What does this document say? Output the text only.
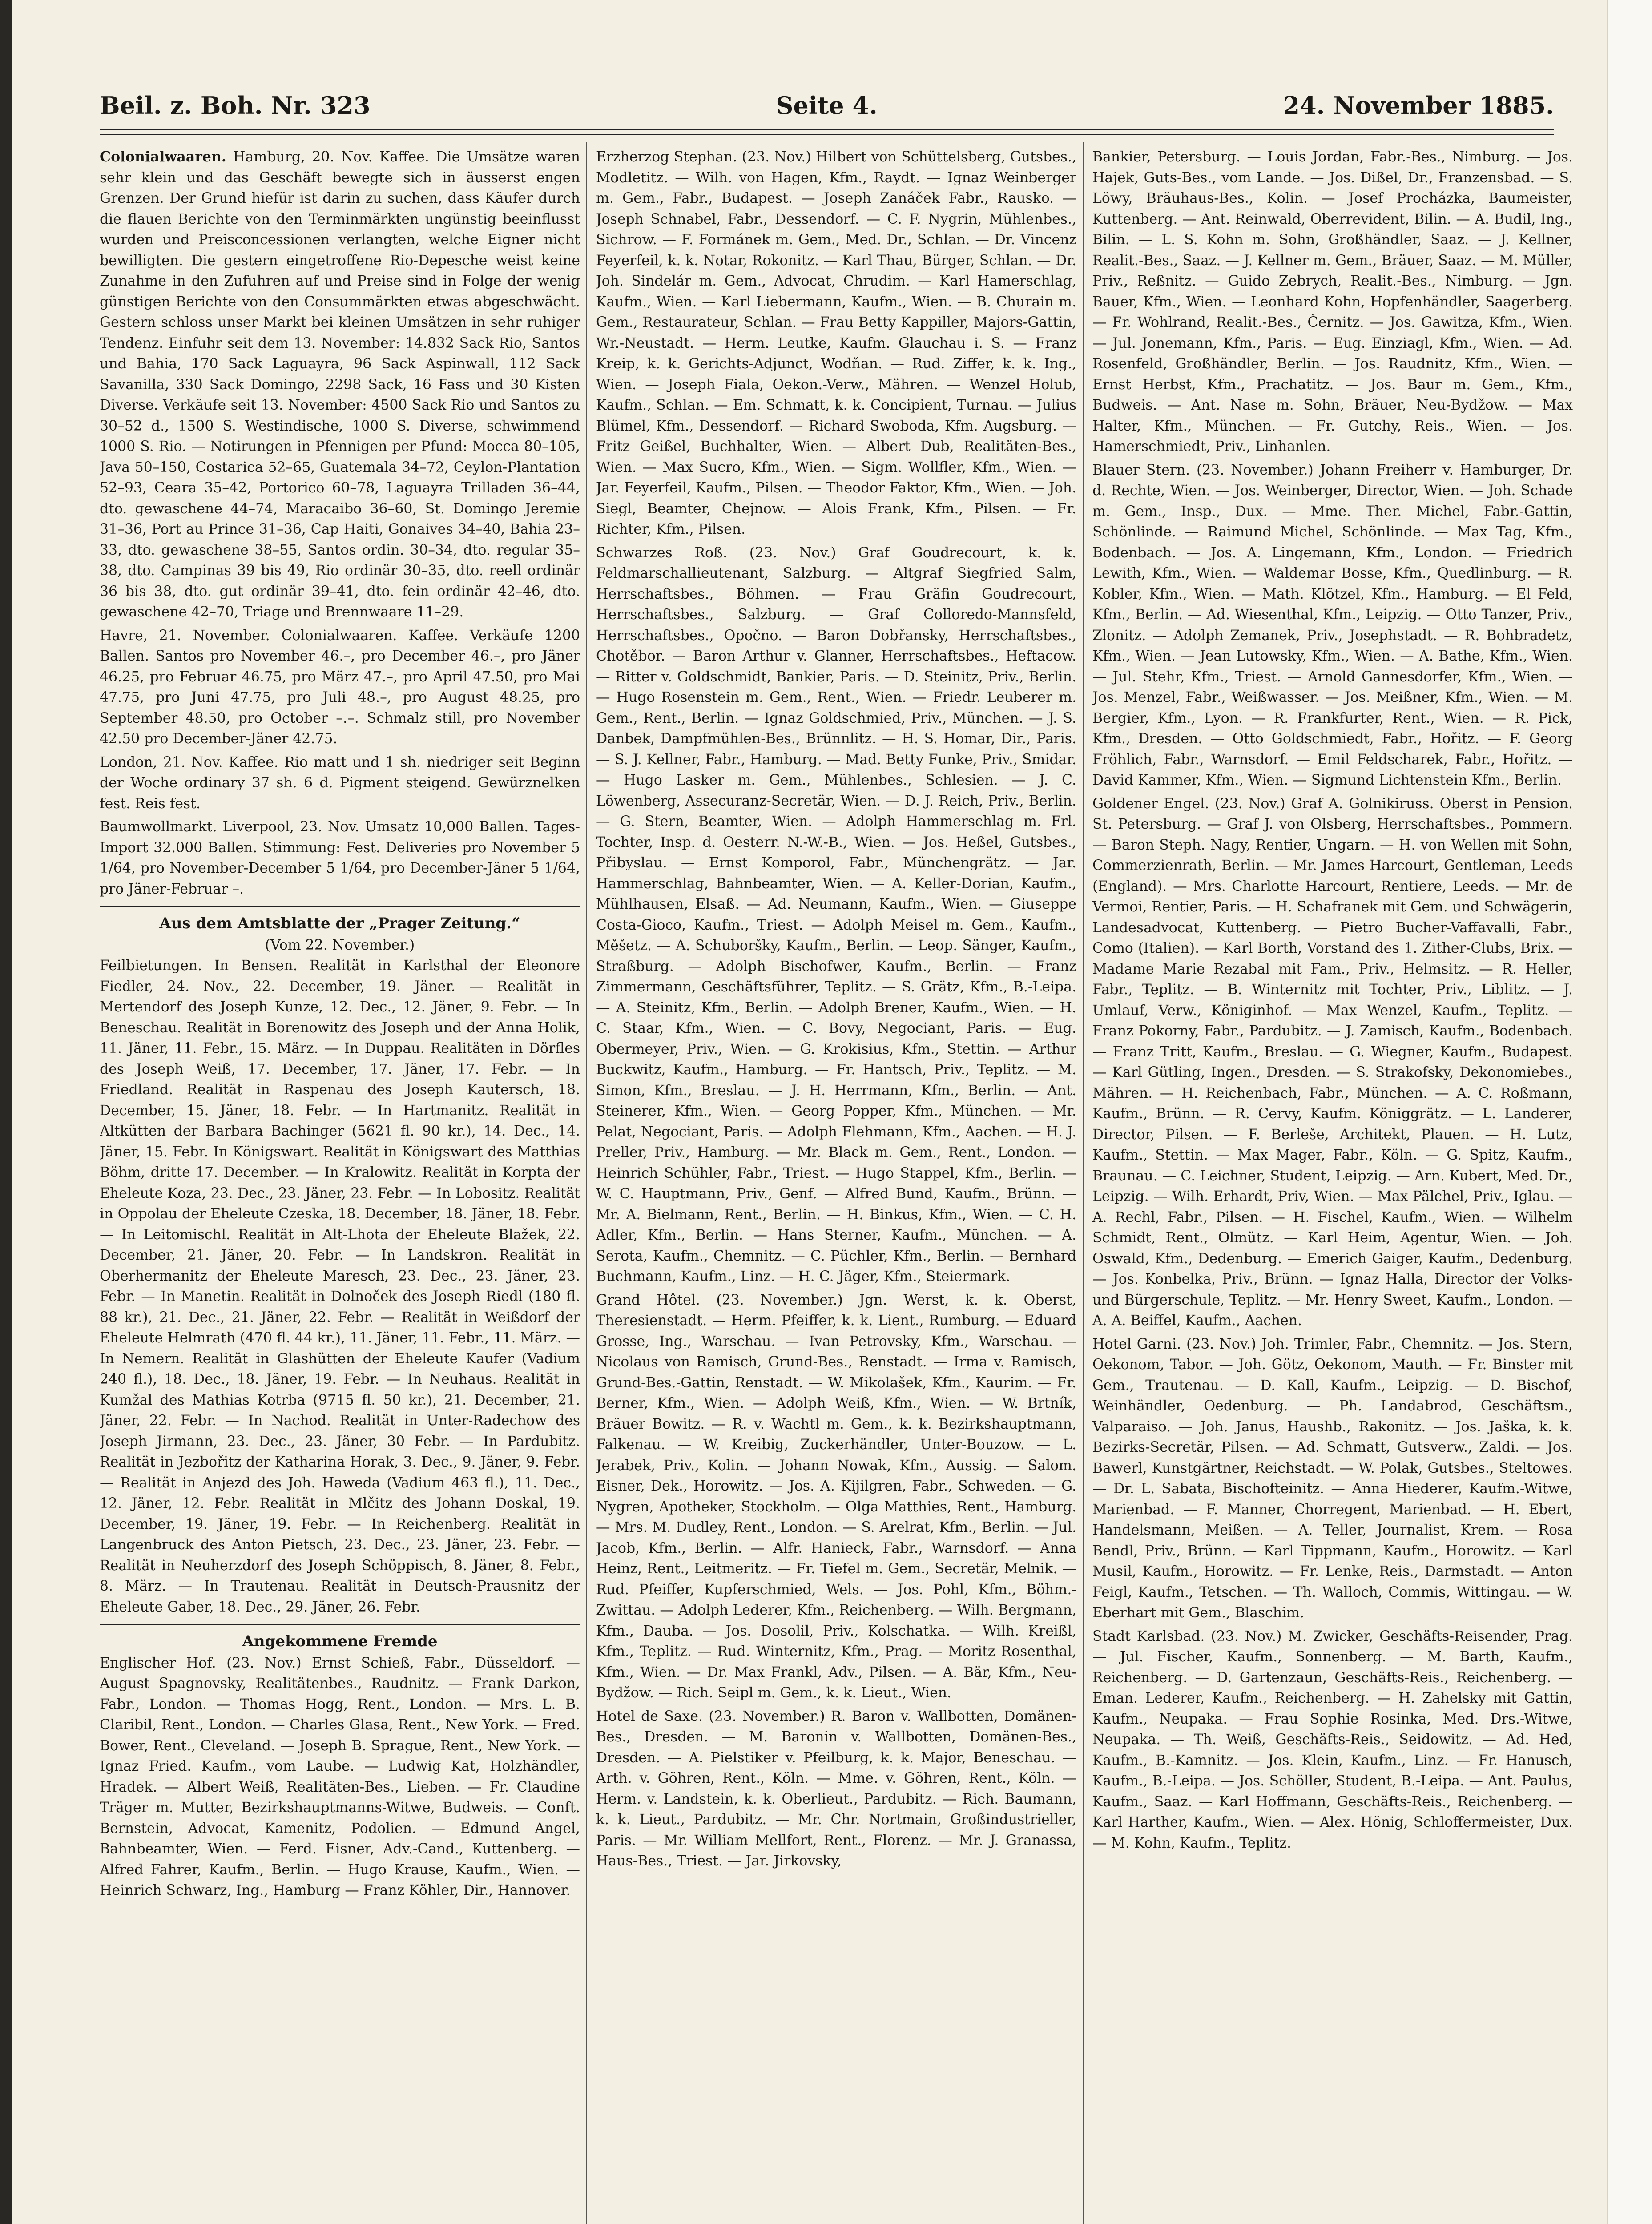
Beil. z. Boh. Nr. 323	Seite 4.	24. November 1885.

Colonialwaaren. Hamburg, 20. Nov. Kaffee. Die Umsätze waren sehr klein und das Geschäft bewegte sich in äusserst engen Grenzen. Der Grund hiefür ist darin zu suchen, dass Käufer durch die flauen Berichte von den Terminmärkten ungünstig beeinflusst wurden und Preisconcessionen verlangten, welche Eigner nicht bewilligten. Die gestern eingetroffene Rio-Depesche weist keine Zunahme in den Zufuhren auf und Preise sind in Folge der wenig günstigen Berichte von den Consummärkten etwas abgeschwächt. Gestern schloss unser Markt bei kleinen Umsätzen in sehr ruhiger Tendenz. Einfuhr seit dem 13. November: 14.832 Sack Rio, Santos und Bahia, 170 Sack Laguayra, 96 Sack Aspinwall, 112 Sack Savanilla, 330 Sack Domingo, 2298 Sack, 16 Fass und 30 Kisten Diverse. Verkäufe seit 13. November: 4500 Sack Rio und Santos zu 30–52 d., 1500 S. Westindische, 1000 S. Diverse, schwimmend 1000 S. Rio. — Notirungen in Pfennigen per Pfund: Mocca 80–105, Java 50–150, Costarica 52–65, Guatemala 34–72, Ceylon-Plantation 52–93, Ceara 35–42, Portorico 60–78, Laguayra Trilladen 36–44, dto. gewaschene 44–74, Maracaibo 36–60, St. Domingo Jeremie 31–36, Port au Prince 31–36, Cap Haiti, Gonaives 34–40, Bahia 23–33, dto. gewaschene 38–55, Santos ordin. 30–34, dto. regular 35–38, dto. Campinas 39 bis 49, Rio ordinär 30–35, dto. reell ordinär 36 bis 38, dto. gut ordinär 39–41, dto. fein ordinär 42–46, dto. gewaschene 42–70, Triage und Brennwaare 11–29.

Havre, 21. November. Colonialwaaren. Kaffee. Verkäufe 1200 Ballen. Santos pro November 46.–, pro December 46.–, pro Jäner 46.25, pro Februar 46.75, pro März 47.–, pro April 47.50, pro Mai 47.75, pro Juni 47.75, pro Juli 48.–, pro August 48.25, pro September 48.50, pro October –.–. Schmalz still, pro November 42.50 pro December-Jäner 42.75.

London, 21. Nov. Kaffee. Rio matt und 1 sh. niedriger seit Beginn der Woche ordinary 37 sh. 6 d. Pigment steigend. Gewürznelken fest. Reis fest.

Baumwollmarkt. Liverpool, 23. Nov. Umsatz 10,000 Ballen. Tages-Import 32.000 Ballen. Stimmung: Fest. Deliveries pro November 5 1/64, pro November-December 5 1/64, pro December-Jäner 5 1/64, pro Jäner-Februar –.

Aus dem Amtsblatte der „Prager Zeitung.“

(Vom 22. November.)

Feilbietungen. In Bensen. Realität in Karlsthal der Eleonore Fiedler, 24. Nov., 22. December, 19. Jäner. — Realität in Mertendorf des Joseph Kunze, 12. Dec., 12. Jäner, 9. Febr. — In Beneschau. Realität in Borenowitz des Joseph und der Anna Holik, 11. Jäner, 11. Febr., 15. März. — In Duppau. Realitäten in Dörfles des Joseph Weiß, 17. December, 17. Jäner, 17. Febr. — In Friedland. Realität in Raspenau des Joseph Kautersch, 18. December, 15. Jäner, 18. Febr. — In Hartmanitz. Realität in Altkütten der Barbara Bachinger (5621 fl. 90 kr.), 14. Dec., 14. Jäner, 15. Febr. In Königswart. Realität in Königswart des Matthias Böhm, dritte 17. December. — In Kralowitz. Realität in Korpta der Eheleute Koza, 23. Dec., 23. Jäner, 23. Febr. — In Lobositz. Realität in Oppolau der Eheleute Czeska, 18. December, 18. Jäner, 18. Febr. — In Leitomischl. Realität in Alt-Lhota der Eheleute Blažek, 22. December, 21. Jäner, 20. Febr. — In Landskron. Realität in Oberhermanitz der Eheleute Maresch, 23. Dec., 23. Jäner, 23. Febr. — In Manetin. Realität in Dolnoček des Joseph Riedl (180 fl. 88 kr.), 21. Dec., 21. Jäner, 22. Febr. — Realität in Weißdorf der Eheleute Helmrath (470 fl. 44 kr.), 11. Jäner, 11. Febr., 11. März. — In Nemern. Realität in Glashütten der Eheleute Kaufer (Vadium 240 fl.), 18. Dec., 18. Jäner, 19. Febr. — In Neuhaus. Realität in Kumžal des Mathias Kotrba (9715 fl. 50 kr.), 21. December, 21. Jäner, 22. Febr. — In Nachod. Realität in Unter-Radechow des Joseph Jirmann, 23. Dec., 23. Jäner, 30 Febr. — In Pardubitz. Realität in Jezbořitz der Katharina Horak, 3. Dec., 9. Jäner, 9. Febr. — Realität in Anjezd des Joh. Haweda (Vadium 463 fl.), 11. Dec., 12. Jäner, 12. Febr. Realität in Mlčitz des Johann Doskal, 19. December, 19. Jäner, 19. Febr. — In Reichenberg. Realität in Langenbruck des Anton Pietsch, 23. Dec., 23. Jäner, 23. Febr. — Realität in Neuherzdorf des Joseph Schöppisch, 8. Jäner, 8. Febr., 8. März. — In Trautenau. Realität in Deutsch-Prausnitz der Eheleute Gaber, 18. Dec., 29. Jäner, 26. Febr.

Angekommene Fremde

Englischer Hof. (23. Nov.) Ernst Schieß, Fabr., Düsseldorf. — August Spagnovsky, Realitätenbes., Raudnitz. — Frank Darkon, Fabr., London. — Thomas Hogg, Rent., London. — Mrs. L. B. Claribil, Rent., London. — Charles Glasa, Rent., New York. — Fred. Bower, Rent., Cleveland. — Joseph B. Sprague, Rent., New York. — Ignaz Fried. Kaufm., vom Laube. — Ludwig Kat, Holzhändler, Hradek. — Albert Weiß, Realitäten-Bes., Lieben. — Fr. Claudine Träger m. Mutter, Bezirkshauptmanns-Witwe, Budweis. — Conft. Bernstein, Advocat, Kamenitz, Podolien. — Edmund Angel, Bahnbeamter, Wien. — Ferd. Eisner, Adv.-Cand., Kuttenberg. — Alfred Fahrer, Kaufm., Berlin. — Hugo Krause, Kaufm., Wien. — Heinrich Schwarz, Ing., Hamburg — Franz Köhler, Dir., Hannover.

Erzherzog Stephan. (23. Nov.) Hilbert von Schüttelsberg, Gutsbes., Modletitz. — Wilh. von Hagen, Kfm., Raydt. — Ignaz Weinberger m. Gem., Fabr., Budapest. — Joseph Zanáček Fabr., Rausko. — Joseph Schnabel, Fabr., Dessendorf. — C. F. Nygrin, Mühlenbes., Sichrow. — F. Formánek m. Gem., Med. Dr., Schlan. — Dr. Vincenz Feyerfeil, k. k. Notar, Rokonitz. — Karl Thau, Bürger, Schlan. — Dr. Joh. Sindelár m. Gem., Advocat, Chrudim. — Karl Hamerschlag, Kaufm., Wien. — Karl Liebermann, Kaufm., Wien. — B. Churain m. Gem., Restaurateur, Schlan. — Frau Betty Kappiller, Majors-Gattin, Wr.-Neustadt. — Herm. Leutke, Kaufm. Glauchau i. S. — Franz Kreip, k. k. Gerichts-Adjunct, Wodňan. — Rud. Ziffer, k. k. Ing., Wien. — Joseph Fiala, Oekon.-Verw., Mähren. — Wenzel Holub, Kaufm., Schlan. — Em. Schmatt, k. k. Concipient, Turnau. — Julius Blümel, Kfm., Dessendorf. — Richard Swoboda, Kfm. Augsburg. — Fritz Geißel, Buchhalter, Wien. — Albert Dub, Realitäten-Bes., Wien. — Max Sucro, Kfm., Wien. — Sigm. Wollfler, Kfm., Wien. — Jar. Feyerfeil, Kaufm., Pilsen. — Theodor Faktor, Kfm., Wien. — Joh. Siegl, Beamter, Chejnow. — Alois Frank, Kfm., Pilsen. — Fr. Richter, Kfm., Pilsen.

Schwarzes Roß. (23. Nov.) Graf Goudrecourt, k. k. Feldmarschallieutenant, Salzburg. — Altgraf Siegfried Salm, Herrschaftsbes., Böhmen. — Frau Gräfin Goudrecourt, Herrschaftsbes., Salzburg. — Graf Colloredo-Mannsfeld, Herrschaftsbes., Opočno. — Baron Dobřansky, Herrschaftsbes., Chotěbor. — Baron Arthur v. Glanner, Herrschaftsbes., Heftacow. — Ritter v. Goldschmidt, Bankier, Paris. — D. Steinitz, Priv., Berlin. — Hugo Rosenstein m. Gem., Rent., Wien. — Friedr. Leuberer m. Gem., Rent., Berlin. — Ignaz Goldschmied, Priv., München. — J. S. Danbek, Dampfmühlen-Bes., Brünnlitz. — H. S. Homar, Dir., Paris. — S. J. Kellner, Fabr., Hamburg. — Mad. Betty Funke, Priv., Smidar. — Hugo Lasker m. Gem., Mühlenbes., Schlesien. — J. C. Löwenberg, Assecuranz-Secretär, Wien. — D. J. Reich, Priv., Berlin. — G. Stern, Beamter, Wien. — Adolph Hammerschlag m. Frl. Tochter, Insp. d. Oesterr. N.-W.-B., Wien. — Jos. Heßel, Gutsbes., Přibyslau. — Ernst Komporol, Fabr., Münchengrätz. — Jar. Hammerschlag, Bahnbeamter, Wien. — A. Keller-Dorian, Kaufm., Mühlhausen, Elsaß. — Ad. Neumann, Kaufm., Wien. — Giuseppe Costa-Gioco, Kaufm., Triest. — Adolph Meisel m. Gem., Kaufm., Měšetz. — A. Schuboršky, Kaufm., Berlin. — Leop. Sänger, Kaufm., Straßburg. — Adolph Bischofwer, Kaufm., Berlin. — Franz Zimmermann, Geschäftsführer, Teplitz. — S. Grätz, Kfm., B.-Leipa. — A. Steinitz, Kfm., Berlin. — Adolph Brener, Kaufm., Wien. — H. C. Staar, Kfm., Wien. — C. Bovy, Negociant, Paris. — Eug. Obermeyer, Priv., Wien. — G. Krokisius, Kfm., Stettin. — Arthur Buckwitz, Kaufm., Hamburg. — Fr. Hantsch, Priv., Teplitz. — M. Simon, Kfm., Breslau. — J. H. Herrmann, Kfm., Berlin. — Ant. Steinerer, Kfm., Wien. — Georg Popper, Kfm., München. — Mr. Pelat, Negociant, Paris. — Adolph Flehmann, Kfm., Aachen. — H. J. Preller, Priv., Hamburg. — Mr. Black m. Gem., Rent., London. — Heinrich Schühler, Fabr., Triest. — Hugo Stappel, Kfm., Berlin. — W. C. Hauptmann, Priv., Genf. — Alfred Bund, Kaufm., Brünn. — Mr. A. Bielmann, Rent., Berlin. — H. Binkus, Kfm., Wien. — C. H. Adler, Kfm., Berlin. — Hans Sterner, Kaufm., München. — A. Serota, Kaufm., Chemnitz. — C. Püchler, Kfm., Berlin. — Bernhard Buchmann, Kaufm., Linz. — H. C. Jäger, Kfm., Steiermark.

Grand Hôtel. (23. November.) Jgn. Werst, k. k. Oberst, Theresienstadt. — Herm. Pfeiffer, k. k. Lient., Rumburg. — Eduard Grosse, Ing., Warschau. — Ivan Petrovsky, Kfm., Warschau. — Nicolaus von Ramisch, Grund-Bes., Renstadt. — Irma v. Ramisch, Grund-Bes.-Gattin, Renstadt. — W. Mikolašek, Kfm., Kaurim. — Fr. Berner, Kfm., Wien. — Adolph Weiß, Kfm., Wien. — W. Brtník, Bräuer Bowitz. — R. v. Wachtl m. Gem., k. k. Bezirkshauptmann, Falkenau. — W. Kreibig, Zuckerhändler, Unter-Bouzow. — L. Jerabek, Priv., Kolin. — Johann Nowak, Kfm., Aussig. — Salom. Eisner, Dek., Horowitz. — Jos. A. Kijilgren, Fabr., Schweden. — G. Nygren, Apotheker, Stockholm. — Olga Matthies, Rent., Hamburg. — Mrs. M. Dudley, Rent., London. — S. Arelrat, Kfm., Berlin. — Jul. Jacob, Kfm., Berlin. — Alfr. Hanieck, Fabr., Warnsdorf. — Anna Heinz, Rent., Leitmeritz. — Fr. Tiefel m. Gem., Secretär, Melnik. — Rud. Pfeiffer, Kupferschmied, Wels. — Jos. Pohl, Kfm., Böhm.-Zwittau. — Adolph Lederer, Kfm., Reichenberg. — Wilh. Bergmann, Kfm., Dauba. — Jos. Dosolil, Priv., Kolschatka. — Wilh. Kreißl, Kfm., Teplitz. — Rud. Winternitz, Kfm., Prag. — Moritz Rosenthal, Kfm., Wien. — Dr. Max Frankl, Adv., Pilsen. — A. Bär, Kfm., Neu-Bydžow. — Rich. Seipl m. Gem., k. k. Lieut., Wien.

Hotel de Saxe. (23. November.) R. Baron v. Wallbotten, Domänen-Bes., Dresden. — M. Baronin v. Wallbotten, Domänen-Bes., Dresden. — A. Pielstiker v. Pfeilburg, k. k. Major, Beneschau. — Arth. v. Göhren, Rent., Köln. — Mme. v. Göhren, Rent., Köln. — Herm. v. Landstein, k. k. Oberlieut., Pardubitz. — Rich. Baumann, k. k. Lieut., Pardubitz. — Mr. Chr. Nortmain, Großindustrieller, Paris. — Mr. William Mellfort, Rent., Florenz. — Mr. J. Granassa, Haus-Bes., Triest. — Jar. Jirkovsky,

Bankier, Petersburg. — Louis Jordan, Fabr.-Bes., Nimburg. — Jos. Hajek, Guts-Bes., vom Lande. — Jos. Dißel, Dr., Franzensbad. — S. Löwy, Bräuhaus-Bes., Kolin. — Josef Procházka, Baumeister, Kuttenberg. — Ant. Reinwald, Oberrevident, Bilin. — A. Budil, Ing., Bilin. — L. S. Kohn m. Sohn, Großhändler, Saaz. — J. Kellner, Realit.-Bes., Saaz. — J. Kellner m. Gem., Bräuer, Saaz. — M. Müller, Priv., Reßnitz. — Guido Zebrych, Realit.-Bes., Nimburg. — Jgn. Bauer, Kfm., Wien. — Leonhard Kohn, Hopfenhändler, Saagerberg. — Fr. Wohlrand, Realit.-Bes., Černitz. — Jos. Gawitza, Kfm., Wien. — Jul. Jonemann, Kfm., Paris. — Eug. Einziagl, Kfm., Wien. — Ad. Rosenfeld, Großhändler, Berlin. — Jos. Raudnitz, Kfm., Wien. — Ernst Herbst, Kfm., Prachatitz. — Jos. Baur m. Gem., Kfm., Budweis. — Ant. Nase m. Sohn, Bräuer, Neu-Bydžow. — Max Halter, Kfm., München. — Fr. Gutchy, Reis., Wien. — Jos. Hamerschmiedt, Priv., Linhanlen.

Blauer Stern. (23. November.) Johann Freiherr v. Hamburger, Dr. d. Rechte, Wien. — Jos. Weinberger, Director, Wien. — Joh. Schade m. Gem., Insp., Dux. — Mme. Ther. Michel, Fabr.-Gattin, Schönlinde. — Raimund Michel, Schönlinde. — Max Tag, Kfm., Bodenbach. — Jos. A. Lingemann, Kfm., London. — Friedrich Lewith, Kfm., Wien. — Waldemar Bosse, Kfm., Quedlinburg. — R. Kobler, Kfm., Wien. — Math. Klötzel, Kfm., Hamburg. — El Feld, Kfm., Berlin. — Ad. Wiesenthal, Kfm., Leipzig. — Otto Tanzer, Priv., Zlonitz. — Adolph Zemanek, Priv., Josephstadt. — R. Bohbradetz, Kfm., Wien. — Jean Lutowsky, Kfm., Wien. — A. Bathe, Kfm., Wien. — Jul. Stehr, Kfm., Triest. — Arnold Gannesdorfer, Kfm., Wien. — Jos. Menzel, Fabr., Weißwasser. — Jos. Meißner, Kfm., Wien. — M. Bergier, Kfm., Lyon. — R. Frankfurter, Rent., Wien. — R. Pick, Kfm., Dresden. — Otto Goldschmiedt, Fabr., Hořitz. — F. Georg Fröhlich, Fabr., Warnsdorf. — Emil Feldscharek, Fabr., Hořitz. — David Kammer, Kfm., Wien. — Sigmund Lichtenstein Kfm., Berlin.

Goldener Engel. (23. Nov.) Graf A. Golnikiruss. Oberst in Pension. St. Petersburg. — Graf J. von Olsberg, Herrschaftsbes., Pommern. — Baron Steph. Nagy, Rentier, Ungarn. — H. von Wellen mit Sohn, Commerzienrath, Berlin. — Mr. James Harcourt, Gentleman, Leeds (England). — Mrs. Charlotte Harcourt, Rentiere, Leeds. — Mr. de Vermoi, Rentier, Paris. — H. Schafranek mit Gem. und Schwägerin, Landesadvocat, Kuttenberg. — Pietro Bucher-Vaffavalli, Fabr., Como (Italien). — Karl Borth, Vorstand des 1. Zither-Clubs, Brix. — Madame Marie Rezabal mit Fam., Priv., Helmsitz. — R. Heller, Fabr., Teplitz. — B. Winternitz mit Tochter, Priv., Liblitz. — J. Umlauf, Verw., Königinhof. — Max Wenzel, Kaufm., Teplitz. — Franz Pokorny, Fabr., Pardubitz. — J. Zamisch, Kaufm., Bodenbach. — Franz Tritt, Kaufm., Breslau. — G. Wiegner, Kaufm., Budapest. — Karl Gütling, Ingen., Dresden. — S. Strakofsky, Dekonomiebes., Mähren. — H. Reichenbach, Fabr., München. — A. C. Roßmann, Kaufm., Brünn. — R. Cervy, Kaufm. Königgrätz. — L. Landerer, Director, Pilsen. — F. Berleše, Architekt, Plauen. — H. Lutz, Kaufm., Stettin. — Max Mager, Fabr., Köln. — G. Spitz, Kaufm., Braunau. — C. Leichner, Student, Leipzig. — Arn. Kubert, Med. Dr., Leipzig. — Wilh. Erhardt, Priv, Wien. — Max Pälchel, Priv., Iglau. — A. Rechl, Fabr., Pilsen. — H. Fischel, Kaufm., Wien. — Wilhelm Schmidt, Rent., Olmütz. — Karl Heim, Agentur, Wien. — Joh. Oswald, Kfm., Dedenburg. — Emerich Gaiger, Kaufm., Dedenburg. — Jos. Konbelka, Priv., Brünn. — Ignaz Halla, Director der Volks- und Bürgerschule, Teplitz. — Mr. Henry Sweet, Kaufm., London. — A. A. Beiffel, Kaufm., Aachen.

Hotel Garni. (23. Nov.) Joh. Trimler, Fabr., Chemnitz. — Jos. Stern, Oekonom, Tabor. — Joh. Götz, Oekonom, Mauth. — Fr. Binster mit Gem., Trautenau. — D. Kall, Kaufm., Leipzig. — D. Bischof, Weinhändler, Oedenburg. — Ph. Landabrod, Geschäftsm., Valparaiso. — Joh. Janus, Haushb., Rakonitz. — Jos. Jaška, k. k. Bezirks-Secretär, Pilsen. — Ad. Schmatt, Gutsverw., Zaldi. — Jos. Bawerl, Kunstgärtner, Reichstadt. — W. Polak, Gutsbes., Steltowes. — Dr. L. Sabata, Bischofteinitz. — Anna Hiederer, Kaufm.-Witwe, Marienbad. — F. Manner, Chorregent, Marienbad. — H. Ebert, Handelsmann, Meißen. — A. Teller, Journalist, Krem. — Rosa Bendl, Priv., Brünn. — Karl Tippmann, Kaufm., Horowitz. — Karl Musil, Kaufm., Horowitz. — Fr. Lenke, Reis., Darmstadt. — Anton Feigl, Kaufm., Tetschen. — Th. Walloch, Commis, Wittingau. — W. Eberhart mit Gem., Blaschim.

Stadt Karlsbad. (23. Nov.) M. Zwicker, Geschäfts-Reisender, Prag. — Jul. Fischer, Kaufm., Sonnenberg. — M. Barth, Kaufm., Reichenberg. — D. Gartenzaun, Geschäfts-Reis., Reichenberg. — Eman. Lederer, Kaufm., Reichenberg. — H. Zahelsky mit Gattin, Kaufm., Neupaka. — Frau Sophie Rosinka, Med. Drs.-Witwe, Neupaka. — Th. Weiß, Geschäfts-Reis., Seidowitz. — Ad. Hed, Kaufm., B.-Kamnitz. — Jos. Klein, Kaufm., Linz. — Fr. Hanusch, Kaufm., B.-Leipa. — Jos. Schöller, Student, B.-Leipa. — Ant. Paulus, Kaufm., Saaz. — Karl Hoffmann, Geschäfts-Reis., Reichenberg. — Karl Harther, Kaufm., Wien. — Alex. Hönig, Schloffermeister, Dux. — M. Kohn, Kaufm., Teplitz.
